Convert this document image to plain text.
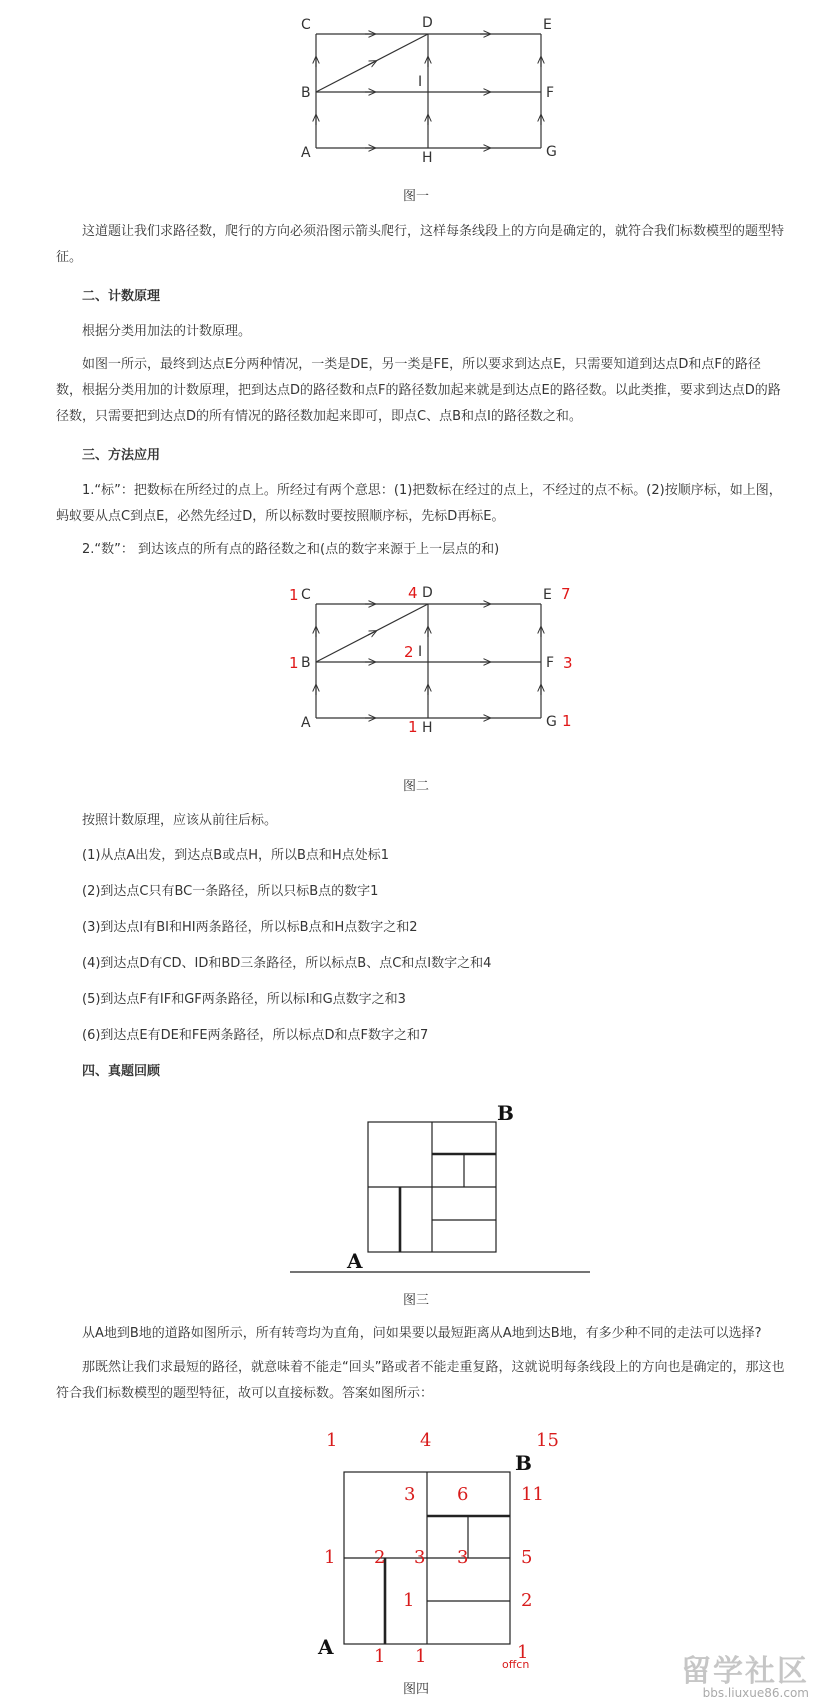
C	D	E
B	F
I
A	H	G
图一

这道题让我们求路径数，爬行的方向必须沿图示箭头爬行，这样每条线段上的方向是确定的，就符合我们标数模型的题型特征。

二、计数原理

根据分类用加法的计数原理。

如图一所示，最终到达点E分两种情况，一类是DE，另一类是FE，所以要求到达点E，只需要知道到达点D和点F的路径数，根据分类用加的计数原理，把到达点D的路径数和点F的路径数加起来就是到达点E的路径数。以此类推，要求到达点D的路径数，只需要把到达点D的所有情况的路径数加起来即可，即点C、点B和点I的路径数之和。

三、方法应用

1.“标”：把数标在所经过的点上。所经过有两个意思：(1)把数标在经过的点上，不经过的点不标。(2)按顺序标，如上图，蚂蚁要从点C到点E，必然先经过D，所以标数时要按照顺序标，先标D再标E。

2.“数”： 到达该点的所有点的路径数之和(点的数字来源于上一层点的和)

C	D	E
B	F
I
A	H	G
1	4	7
1
2
3
1	1
图二

按照计数原理，应该从前往后标。

(1)从点A出发，到达点B或点H，所以B点和H点处标1

(2)到达点C只有BC一条路径，所以只标B点的数字1

(3)到达点I有BI和HI两条路径，所以标B点和H点数字之和2

(4)到达点D有CD、ID和BD三条路径，所以标点B、点C和点I数字之和4

(5)到达点F有IF和GF两条路径，所以标I和G点数字之和3

(6)到达点E有DE和FE两条路径，所以标点D和点F数字之和7

四、真题回顾

B
A
图三

从A地到B地的道路如图所示，所有转弯均为直角，问如果要以最短距离从A地到达B地，有多少种不同的走法可以选择?

那既然让我们求最短的路径，就意味着不能走“回头”路或者不能走重复路，这就说明每条线段上的方向也是确定的，那这也符合我们标数模型的题型特征，故可以直接标数。答案如图所示：

B
A
1	4	15
3 6	11
1 2 3 3	5
1	2
1 1	1
offcn
图四
留学社区
bbs.liuxue86.com
